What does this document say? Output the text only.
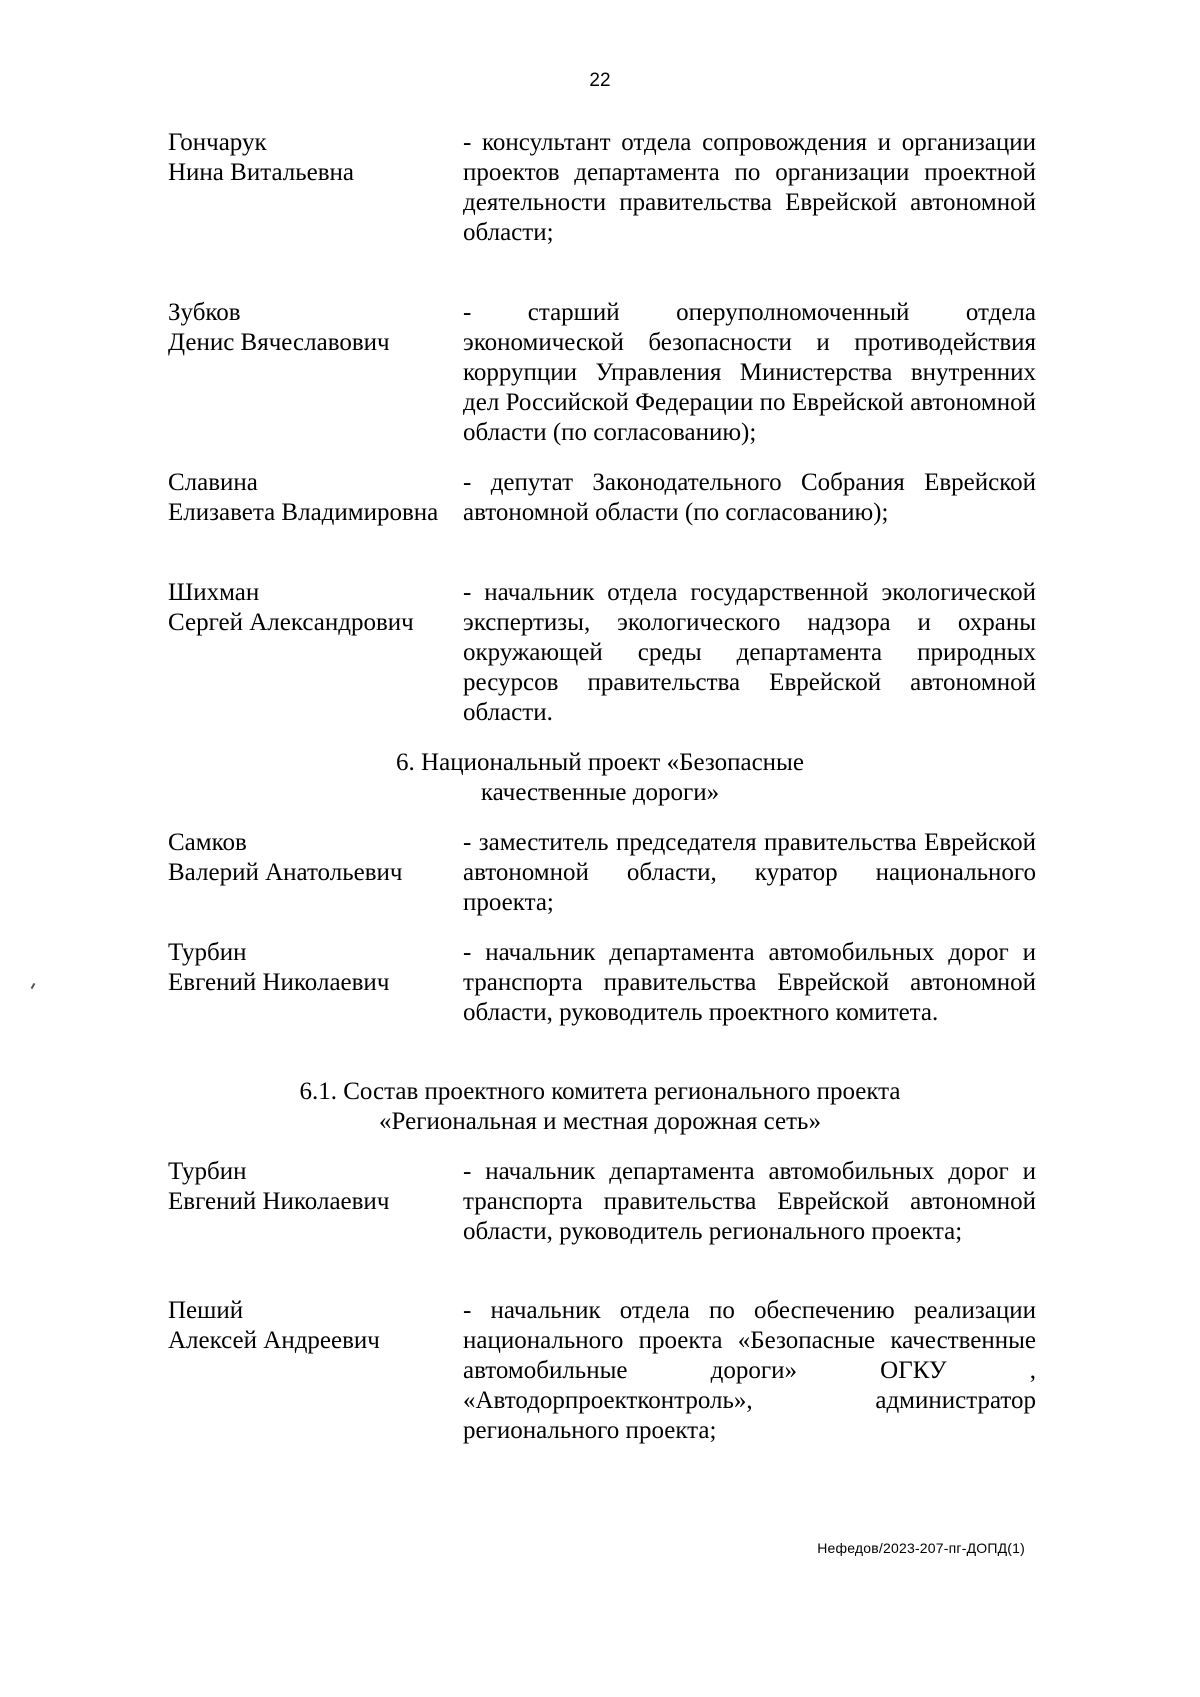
22
Гончарук
Нина Витальевна
- консультант отдела сопровождения и организации проектов департамента по организации проектной деятельности правительства Еврейской автономной области;
Зубков
Денис Вячеславович
- старший оперуполномоченный отдела экономической безопасности и противодействия коррупции Управления Министерства внутренних дел Российской Федерации по Еврейской автономной области (по согласованию);
Славина
Елизавета Владимировна
- депутат Законодательного Собрания Еврейской автономной области (по согласованию);
Шихман
Сергей Александрович
- начальник отдела государственной экологической экспертизы, экологического надзора и охраны окружающей среды департамента природных ресурсов правительства Еврейской автономной области.
6. Национальный проект «Безопасные
качественные дороги»
Самков
Валерий Анатольевич
- заместитель председателя правительства Еврейской автономной области, куратор национального проекта;
Турбин
Евгений Николаевич
- начальник департамента автомобильных дорог и транспорта правительства Еврейской автономной области, руководитель проектного комитета.
6.1. Состав проектного комитета регионального проекта
«Региональная и местная дорожная сеть»
Турбин
Евгений Николаевич
- начальник департамента автомобильных дорог и транспорта правительства Еврейской автономной области, руководитель регионального проекта;
Пеший
Алексей Андреевич
- начальник отдела по обеспечению реализации национального проекта «Безопасные качественные автомобильные дороги» ОГКУ , «Автодорпроектконтроль», администратор регионального проекта;
Нефедов/2023-207-пг-ДОПД(1)
